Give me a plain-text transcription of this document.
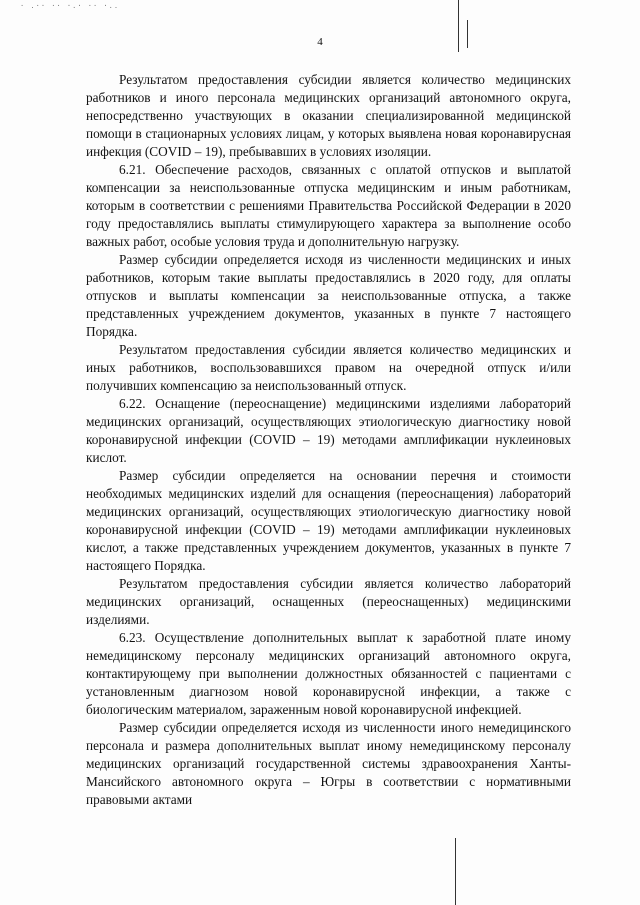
· .·· ·· ·.· ·· ·..
4

Результатом предоставления субсидии является количество медицинских работников и иного персонала медицинских организаций автономного округа, непосредственно участвующих в оказании специализированной медицинской помощи в стационарных условиях лицам, у которых выявлена новая коронавирусная инфекция (COVID – 19), пребывавших в условиях изоляции.

6.21. Обеспечение расходов, связанных с оплатой отпусков и выплатой компенсации за неиспользованные отпуска медицинским и иным работникам, которым в соответствии с решениями Правительства Российской Федерации в 2020 году предоставлялись выплаты стимулирующего характера за выполнение особо важных работ, особые условия труда и дополнительную нагрузку.

Размер субсидии определяется исходя из численности медицинских и иных работников, которым такие выплаты предоставлялись в 2020 году, для оплаты отпусков и выплаты компенсации за неиспользованные отпуска, а также представленных учреждением документов, указанных в пункте 7 настоящего Порядка.

Результатом предоставления субсидии является количество медицинских и иных работников, воспользовавшихся правом на очередной отпуск и/или получивших компенсацию за неиспользованный отпуск.

6.22. Оснащение (переоснащение) медицинскими изделиями лабораторий медицинских организаций, осуществляющих этиологическую диагностику новой коронавирусной инфекции (COVID – 19) методами амплификации нуклеиновых кислот.

Размер субсидии определяется на основании перечня и стоимости необходимых медицинских изделий для оснащения (переоснащения) лабораторий медицинских организаций, осуществляющих этиологическую диагностику новой коронавирусной инфекции (COVID – 19) методами амплификации нуклеиновых кислот, а также представленных учреждением документов, указанных в пункте 7 настоящего Порядка.

Результатом предоставления субсидии является количество лабораторий медицинских организаций, оснащенных (переоснащенных) медицинскими изделиями.

6.23. Осуществление дополнительных выплат к заработной плате иному немедицинскому персоналу медицинских организаций автономного округа, контактирующему при выполнении должностных обязанностей с пациентами с установленным диагнозом новой коронавирусной инфекции, а также с биологическим материалом, зараженным новой коронавирусной инфекцией.

Размер субсидии определяется исходя из численности иного немедицинского персонала и размера дополнительных выплат иному немедицинскому персоналу медицинских организаций государственной системы здравоохранения Ханты-Мансийского автономного округа – Югры в соответствии с нормативными правовыми актами
